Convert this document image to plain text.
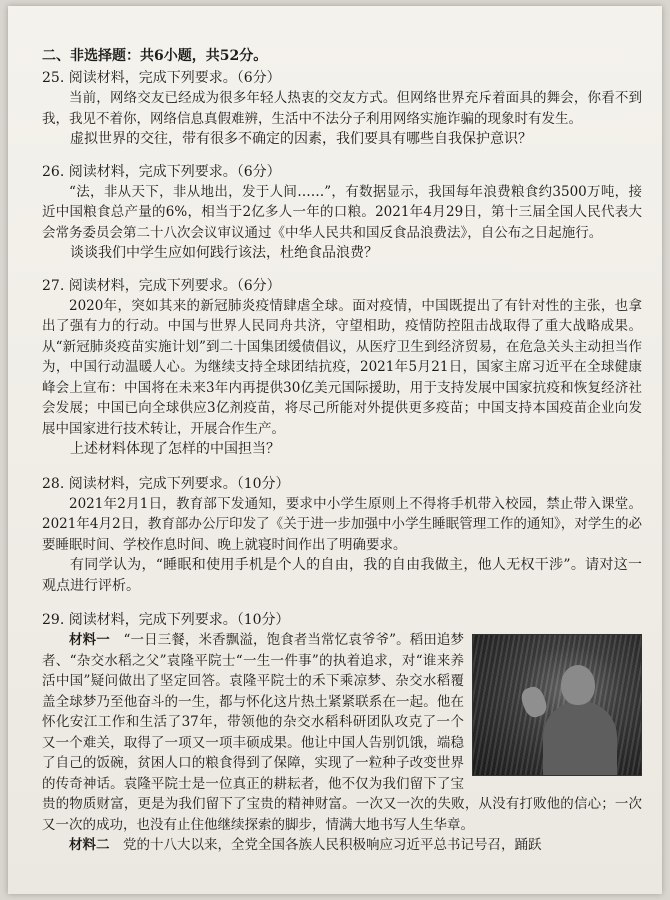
二、非选择题：共6小题，共52分。
25. 阅读材料，完成下列要求。（6分）

当前，网络交友已经成为很多年轻人热衷的交友方式。但网络世界充斥着面具的舞会，你看不到我，我见不着你，网络信息真假难辨，生活中不法分子利用网络实施诈骗的现象时有发生。

虚拟世界的交往，带有很多不确定的因素，我们要具有哪些自我保护意识？

26. 阅读材料，完成下列要求。（6分）

“法，非从天下，非从地出，发于人间……”，有数据显示，我国每年浪费粮食约3500万吨，接近中国粮食总产量的6%，相当于2亿多人一年的口粮。2021年4月29日，第十三届全国人民代表大会常务委员会第二十八次会议审议通过《中华人民共和国反食品浪费法》，自公布之日起施行。

谈谈我们中学生应如何践行该法，杜绝食品浪费？

27. 阅读材料，完成下列要求。（6分）

2020年，突如其来的新冠肺炎疫情肆虐全球。面对疫情，中国既提出了有针对性的主张，也拿出了强有力的行动。中国与世界人民同舟共济，守望相助，疫情防控阻击战取得了重大战略成果。从“新冠肺炎疫苗实施计划”到二十国集团缓债倡议，从医疗卫生到经济贸易，在危急关头主动担当作为，中国行动温暖人心。为继续支持全球团结抗疫，2021年5月21日，国家主席习近平在全球健康峰会上宣布：中国将在未来3年内再提供30亿美元国际援助，用于支持发展中国家抗疫和恢复经济社会发展；中国已向全球供应3亿剂疫苗，将尽己所能对外提供更多疫苗；中国支持本国疫苗企业向发展中国家进行技术转让，开展合作生产。

上述材料体现了怎样的中国担当？

28. 阅读材料，完成下列要求。（10分）

2021年2月1日，教育部下发通知，要求中小学生原则上不得将手机带入校园，禁止带入课堂。2021年4月2日，教育部办公厅印发了《关于进一步加强中小学生睡眠管理工作的通知》，对学生的必要睡眠时间、学校作息时间、晚上就寝时间作出了明确要求。

有同学认为，“睡眠和使用手机是个人的自由，我的自由我做主，他人无权干涉”。请对这一观点进行评析。

29. 阅读材料，完成下列要求。（10分）

材料一　 “一日三餐，米香飘溢，饱食者当常忆袁爷爷”。稻田追梦者、“杂交水稻之父”袁隆平院士“一生一件事”的执着追求，对“谁来养活中国”疑问做出了坚定回答。袁隆平院士的禾下乘凉梦、杂交水稻覆盖全球梦乃至他奋斗的一生，都与怀化这片热土紧紧联系在一起。他在怀化安江工作和生活了37年，带领他的杂交水稻科研团队攻克了一个又一个难关，取得了一项又一项丰硕成果。他让中国人告别饥饿，端稳了自己的饭碗，贫困人口的粮食得到了保障，实现了一粒种子改变世界的传奇神话。袁隆平院士是一位真正的耕耘者，他不仅为我们留下了宝贵的物质财富，更是为我们留下了宝贵的精神财富。一次又一次的失败，从没有打败他的信心；一次又一次的成功，也没有止住他继续探索的脚步，情满大地书写人生华章。

材料二　 党的十八大以来，全党全国各族人民积极响应习近平总书记号召，踊跃
